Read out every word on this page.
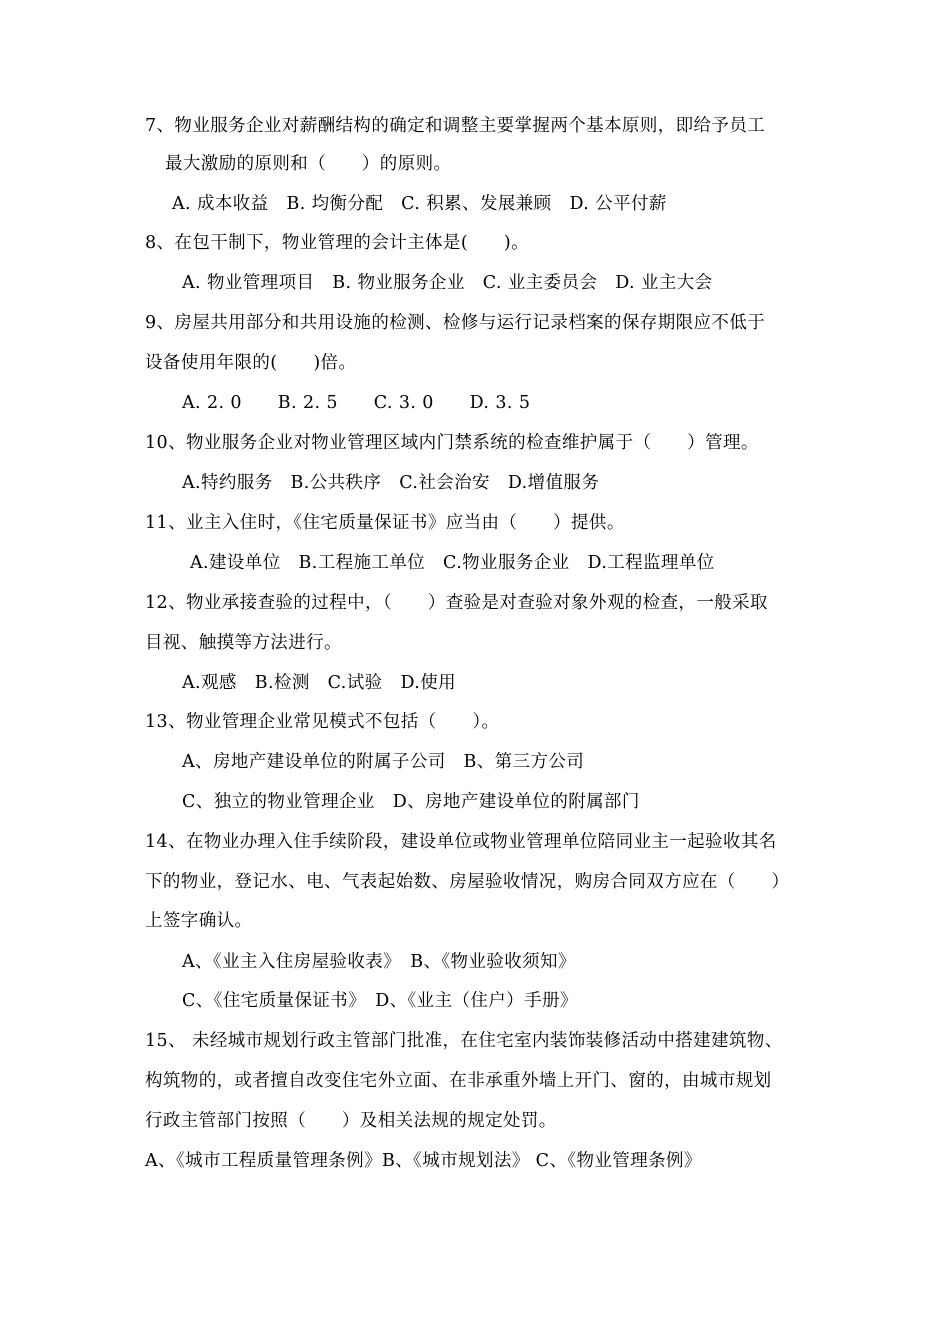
7、物业服务企业对薪酬结构的确定和调整主要掌握两个基本原则，即给予员工
最大激励的原则和（　　）的原则。
A. 成本收益　B. 均衡分配　C. 积累、发展兼顾　D. 公平付薪
8、在包干制下，物业管理的会计主体是(　　)。
A. 物业管理项目　B. 物业服务企业　C. 业主委员会　D. 业主大会
9、房屋共用部分和共用设施的检测、检修与运行记录档案的保存期限应不低于
设备使用年限的(　　)倍。
A. 2. 0　　B. 2. 5　　C. 3. 0　　D. 3. 5
10、物业服务企业对物业管理区域内门禁系统的检查维护属于（　　）管理。
A.特约服务　B.公共秩序　C.社会治安　D.增值服务
11、业主入住时，《住宅质量保证书》应当由（　　）提供。
A.建设单位　B.工程施工单位　C.物业服务企业　D.工程监理单位
12、物业承接查验的过程中，（　　）查验是对查验对象外观的检查，一般采取
目视、触摸等方法进行。
A.观感　B.检测　C.试验　D.使用
13、物业管理企业常见模式不包括（　　）。
A、房地产建设单位的附属子公司　B、第三方公司
C、独立的物业管理企业　D、房地产建设单位的附属部门
14、在物业办理入住手续阶段，建设单位或物业管理单位陪同业主一起验收其名
下的物业，登记水、电、气表起始数、房屋验收情况，购房合同双方应在（　　）
上签字确认。
A、《业主入住房屋验收表》　B、《物业验收须知》
C、《住宅质量保证书》　D、《业主（住户）手册》
15、 未经城市规划行政主管部门批准，在住宅室内装饰装修活动中搭建建筑物、
构筑物的，或者擅自改变住宅外立面、在非承重外墙上开门、窗的，由城市规划
行政主管部门按照（　　）及相关法规的规定处罚。
A、《城市工程质量管理条例》B、《城市规划法》 C、《物业管理条例》
